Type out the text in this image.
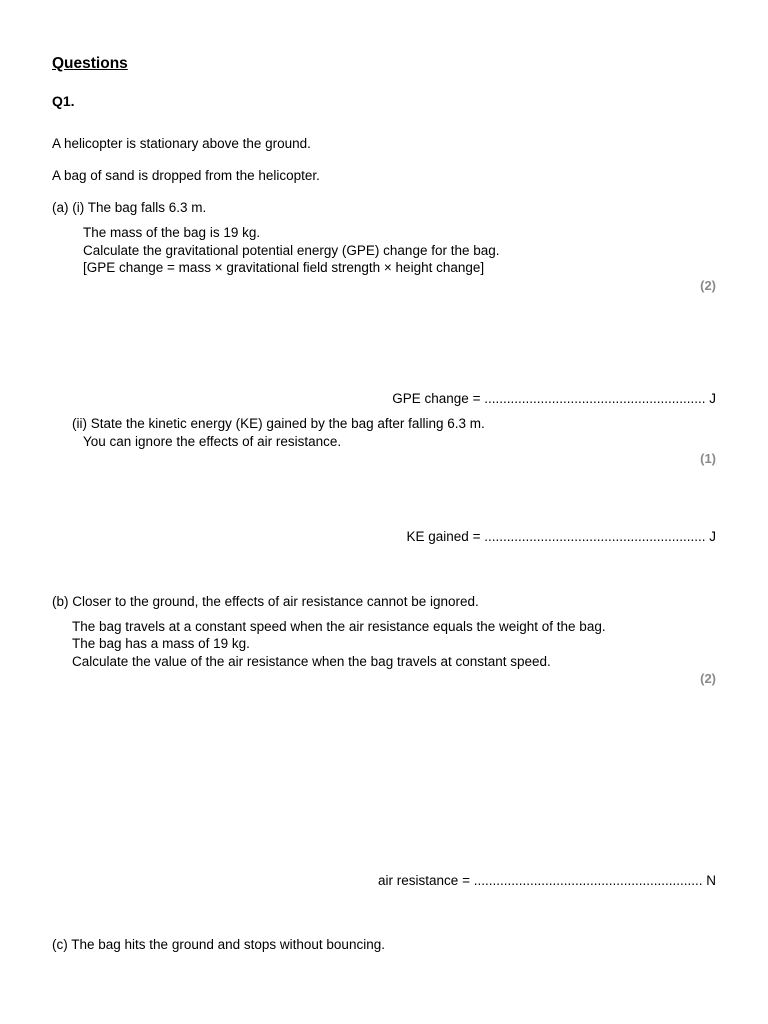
Questions
Q1.
A helicopter is stationary above the ground.
A bag of sand is dropped from the helicopter.
(a) (i) The bag falls 6.3 m.
The mass of the bag is 19 kg.
Calculate the gravitational potential energy (GPE) change for the bag.
[GPE change = mass × gravitational field strength × height change]
(2)
GPE change = ........................................................... J
(ii) State the kinetic energy (KE) gained by the bag after falling 6.3 m.
You can ignore the effects of air resistance.
(1)
KE gained = ........................................................... J
(b) Closer to the ground, the effects of air resistance cannot be ignored.
The bag travels at a constant speed when the air resistance equals the weight of the bag.
The bag has a mass of 19 kg.
Calculate the value of the air resistance when the bag travels at constant speed.
(2)
air resistance = ............................................................. N
(c) The bag hits the ground and stops without bouncing.
